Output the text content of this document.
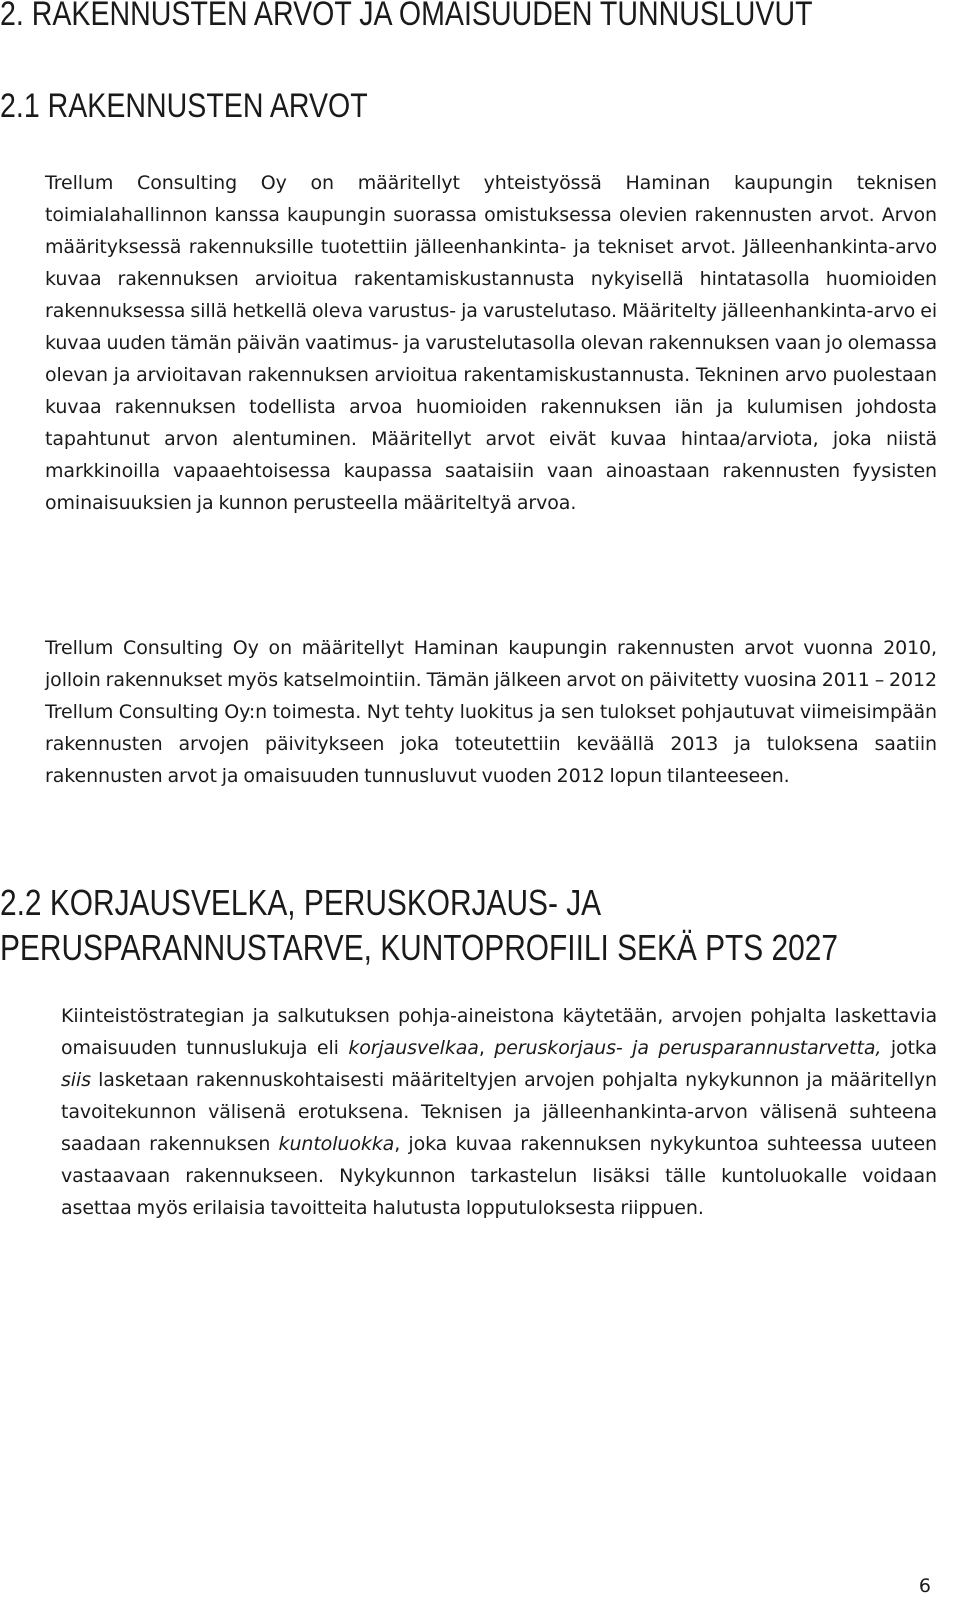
2. RAKENNUSTEN ARVOT JA OMAISUUDEN TUNNUSLUVUT
2.1 RAKENNUSTEN ARVOT

Trellum Consulting Oy on määritellyt yhteistyössä Haminan kaupungin teknisen toimialahallinnon kanssa kaupungin suorassa omistuksessa olevien rakennusten arvot. Arvon määrityksessä rakennuksille tuotettiin jälleenhankinta- ja tekniset arvot. Jälleenhankinta-arvo kuvaa rakennuksen arvioitua rakentamiskustannusta nykyisellä hintatasolla huomioiden rakennuksessa sillä hetkellä oleva varustus- ja varustelutaso. Määritelty jälleenhankinta-arvo ei kuvaa uuden tämän päivän vaatimus- ja varustelutasolla olevan rakennuksen vaan jo olemassa olevan ja arvioitavan rakennuksen arvioitua rakentamiskustannusta. Tekninen arvo puolestaan kuvaa rakennuksen todellista arvoa huomioiden rakennuksen iän ja kulumisen johdosta tapahtunut arvon alentuminen. Määritellyt arvot eivät kuvaa hintaa/arviota, joka niistä markkinoilla vapaaehtoisessa kaupassa saataisiin vaan ainoastaan rakennusten fyysisten ominaisuuksien ja kunnon perusteella määriteltyä arvoa.

Trellum Consulting Oy on määritellyt Haminan kaupungin rakennusten arvot vuonna 2010, jolloin rakennukset myös katselmointiin. Tämän jälkeen arvot on päivitetty vuosina 2011 – 2012 Trellum Consulting Oy:n toimesta. Nyt tehty luokitus ja sen tulokset pohjautuvat viimeisimpään rakennusten arvojen päivitykseen joka toteutettiin keväällä 2013 ja tuloksena saatiin rakennusten arvot ja omaisuuden tunnusluvut vuoden 2012 lopun tilanteeseen.

2.2 KORJAUSVELKA, PERUSKORJAUS- JA PERUSPARANNUSTARVE, KUNTOPROFIILI SEKÄ PTS 2027

Kiinteistöstrategian ja salkutuksen pohja-aineistona käytetään, arvojen pohjalta laskettavia omaisuuden tunnuslukuja eli korjausvelkaa, peruskorjaus- ja perusparannustarvetta, jotka siis lasketaan rakennuskohtaisesti määriteltyjen arvojen pohjalta nykykunnon ja määritellyn tavoitekunnon välisenä erotuksena. Teknisen ja jälleenhankinta-arvon välisenä suhteena saadaan rakennuksen kuntoluokka, joka kuvaa rakennuksen nykykuntoa suhteessa uuteen vastaavaan rakennukseen. Nykykunnon tarkastelun lisäksi tälle kuntoluokalle voidaan asettaa myös erilaisia tavoitteita halutusta lopputuloksesta riippuen.

6
